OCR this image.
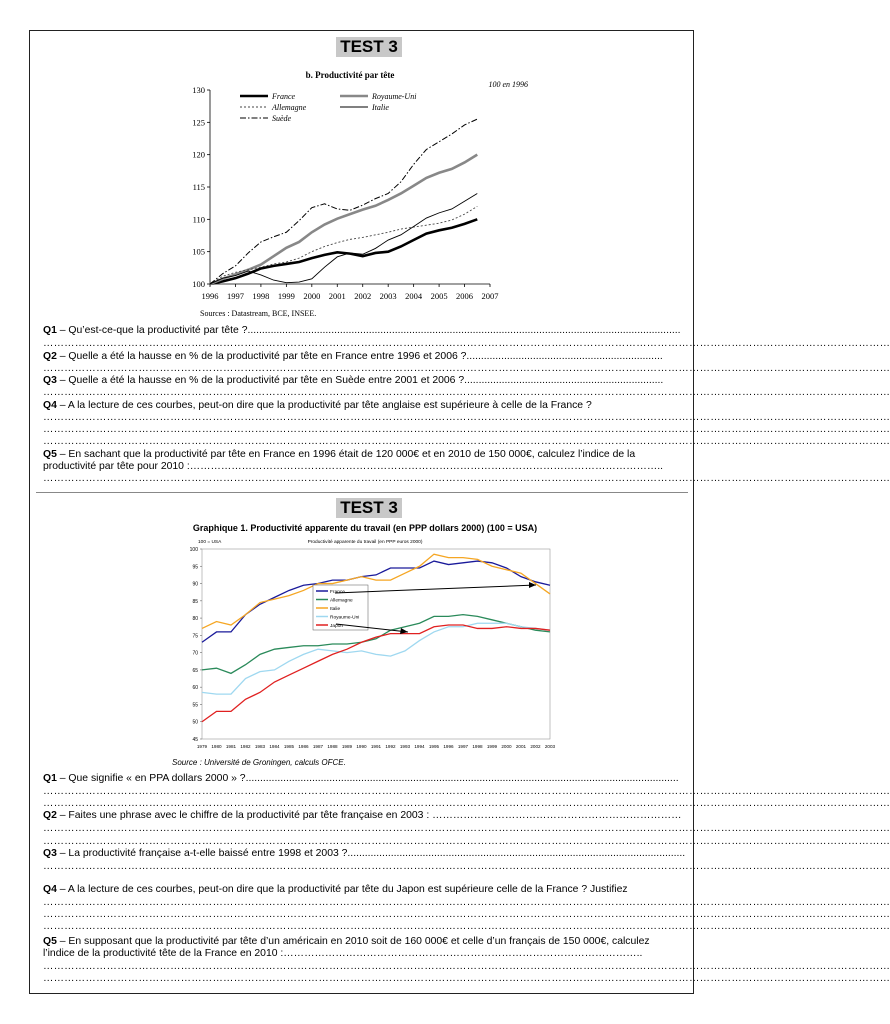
TEST 3
b. Productivité par tête
100 en 1996
100
105
110
115
120
125
130
1996 1997 1998 1999 2000 2001 2002 2003 2004 2005 2006 2007
France	Royaume-Uni
Allemagne	Italie
Suède
Sources : Datastream, BCE, INSEE.
Q1 – Qu’est-ce-que la productivité par tête ?......................................................................................................................................................
……………………………………………………………………………………………………………………………………………………………………………………………………………………
Q2 – Quelle a été la hausse en % de la productivité par tête en France entre 1996 et 2006 ?....................................................................
……………………………………………………………………………………………………………………………………………………………………………………………………………………
Q3 – Quelle a été la hausse en % de la productivité par tête en Suède entre 2001 et 2006 ?.....................................................................
……………………………………………………………………………………………………………………………………………………………………………………………………………………
Q4 – A la lecture de ces courbes, peut-on dire que la productivité par tête anglaise est supérieure à celle de la France ?
……………………………………………………………………………………………………………………………………………………………………………………………………………………
……………………………………………………………………………………………………………………………………………………………………………………………………………………
……………………………………………………………………………………………………………………………………………………………………………………………………………………
Q5 – En sachant que la productivité par tête en France en 1996 était de 120 000€ et en 2010 de 150 000€, calculez l’indice de la
productivité par tête pour 2010 :………………………………………………………………………………………………………………………..
……………………………………………………………………………………………………………………………………………………………………………………………………………………
TEST 3
Graphique 1. Productivité apparente du travail (en PPP dollars 2000) (100 = USA)
Productivité apparente du travail (en PPP euros 2000)
100 = USA
45
50
55
60
65
70
75
80
85
90
95
100
1979 1980 1981 1982 1983 1984 1985 1986 1987 1988 1989 1990 1991 1992 1993 1994 1995 1996 1997 1998 1999 2000 2001 2002 2003
France
Allemagne
Italie
Royaume-Uni
Japon
Source : Université de Groningen, calculs OFCE.
Q1 – Que signifie « en PPA dollars 2000 » ?......................................................................................................................................................
……………………………………………………………………………………………………………………………………………………………………………………………………………………
……………………………………………………………………………………………………………………………………………………………………………………………………………………
Q2 – Faites une phrase avec le chiffre de la productivité par tête française en 2003 : ………………………………………………………………
……………………………………………………………………………………………………………………………………………………………………………………………………………………
……………………………………………………………………………………………………………………………………………………………………………………………………………………
Q3 – La productivité française a-t-elle baissé entre 1998 et 2003 ?.....................................................................................................................
……………………………………………………………………………………………………………………………………………………………………………………………………………………
Q4 – A la lecture de ces courbes, peut-on dire que la productivité par tête du Japon est supérieure celle de la France ? Justifiez
……………………………………………………………………………………………………………………………………………………………………………………………………………………
……………………………………………………………………………………………………………………………………………………………………………………………………………………
……………………………………………………………………………………………………………………………………………………………………………………………………………………
Q5 – En supposant que la productivité par tête d’un américain en 2010 soit de 160 000€ et celle d’un français de 150 000€, calculez
l’indice de la productivité tête de la France en 2010 :…………………………………………………………………………………………..
……………………………………………………………………………………………………………………………………………………………………………………………………………………
……………………………………………………………………………………………………………………………………………………………………………………………………………………
